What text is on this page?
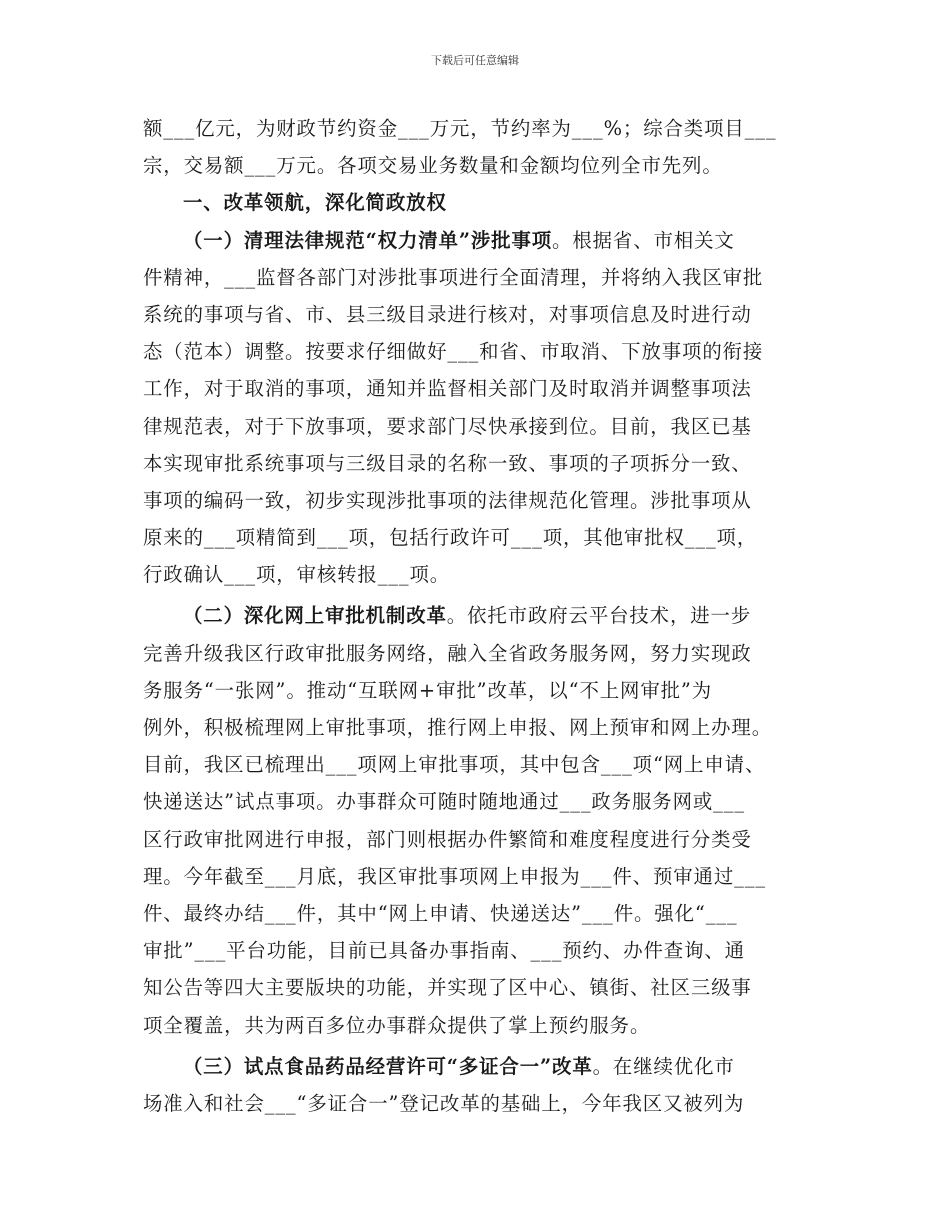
下载后可任意编辑
额___亿元，为财政节约资金___万元，节约率为___%；综合类项目___
宗，交易额___万元。各项交易业务数量和金额均位列全市先列。
一、改革领航，深化简政放权
（一）清理法律规范“权力清单”涉批事项。根据省、市相关文
件精神，___监督各部门对涉批事项进行全面清理，并将纳入我区审批
系统的事项与省、市、县三级目录进行核对，对事项信息及时进行动
态（范本）调整。按要求仔细做好___和省、市取消、下放事项的衔接
工作，对于取消的事项，通知并监督相关部门及时取消并调整事项法
律规范表，对于下放事项，要求部门尽快承接到位。目前，我区已基
本实现审批系统事项与三级目录的名称一致、事项的子项拆分一致、
事项的编码一致，初步实现涉批事项的法律规范化管理。涉批事项从
原来的___项精简到___项，包括行政许可___项，其他审批权___项，
行政确认___项，审核转报___项。
（二）深化网上审批机制改革。依托市政府云平台技术，进一步
完善升级我区行政审批服务网络，融入全省政务服务网，努力实现政
务服务“一张网”。推动“互联网+审批”改革，以“不上网审批”为
例外，积极梳理网上审批事项，推行网上申报、网上预审和网上办理。
目前，我区已梳理出___项网上审批事项，其中包含___项“网上申请、
快递送达”试点事项。办事群众可随时随地通过___政务服务网或___
区行政审批网进行申报，部门则根据办件繁简和难度程度进行分类受
理。今年截至___月底，我区审批事项网上申报为___件、预审通过___
件、最终办结___件，其中“网上申请、快递送达”___件。强化“___
审批”___平台功能，目前已具备办事指南、___预约、办件查询、通
知公告等四大主要版块的功能，并实现了区中心、镇街、社区三级事
项全覆盖，共为两百多位办事群众提供了掌上预约服务。
（三）试点食品药品经营许可“多证合一”改革。在继续优化市
场准入和社会___“多证合一”登记改革的基础上，今年我区又被列为
